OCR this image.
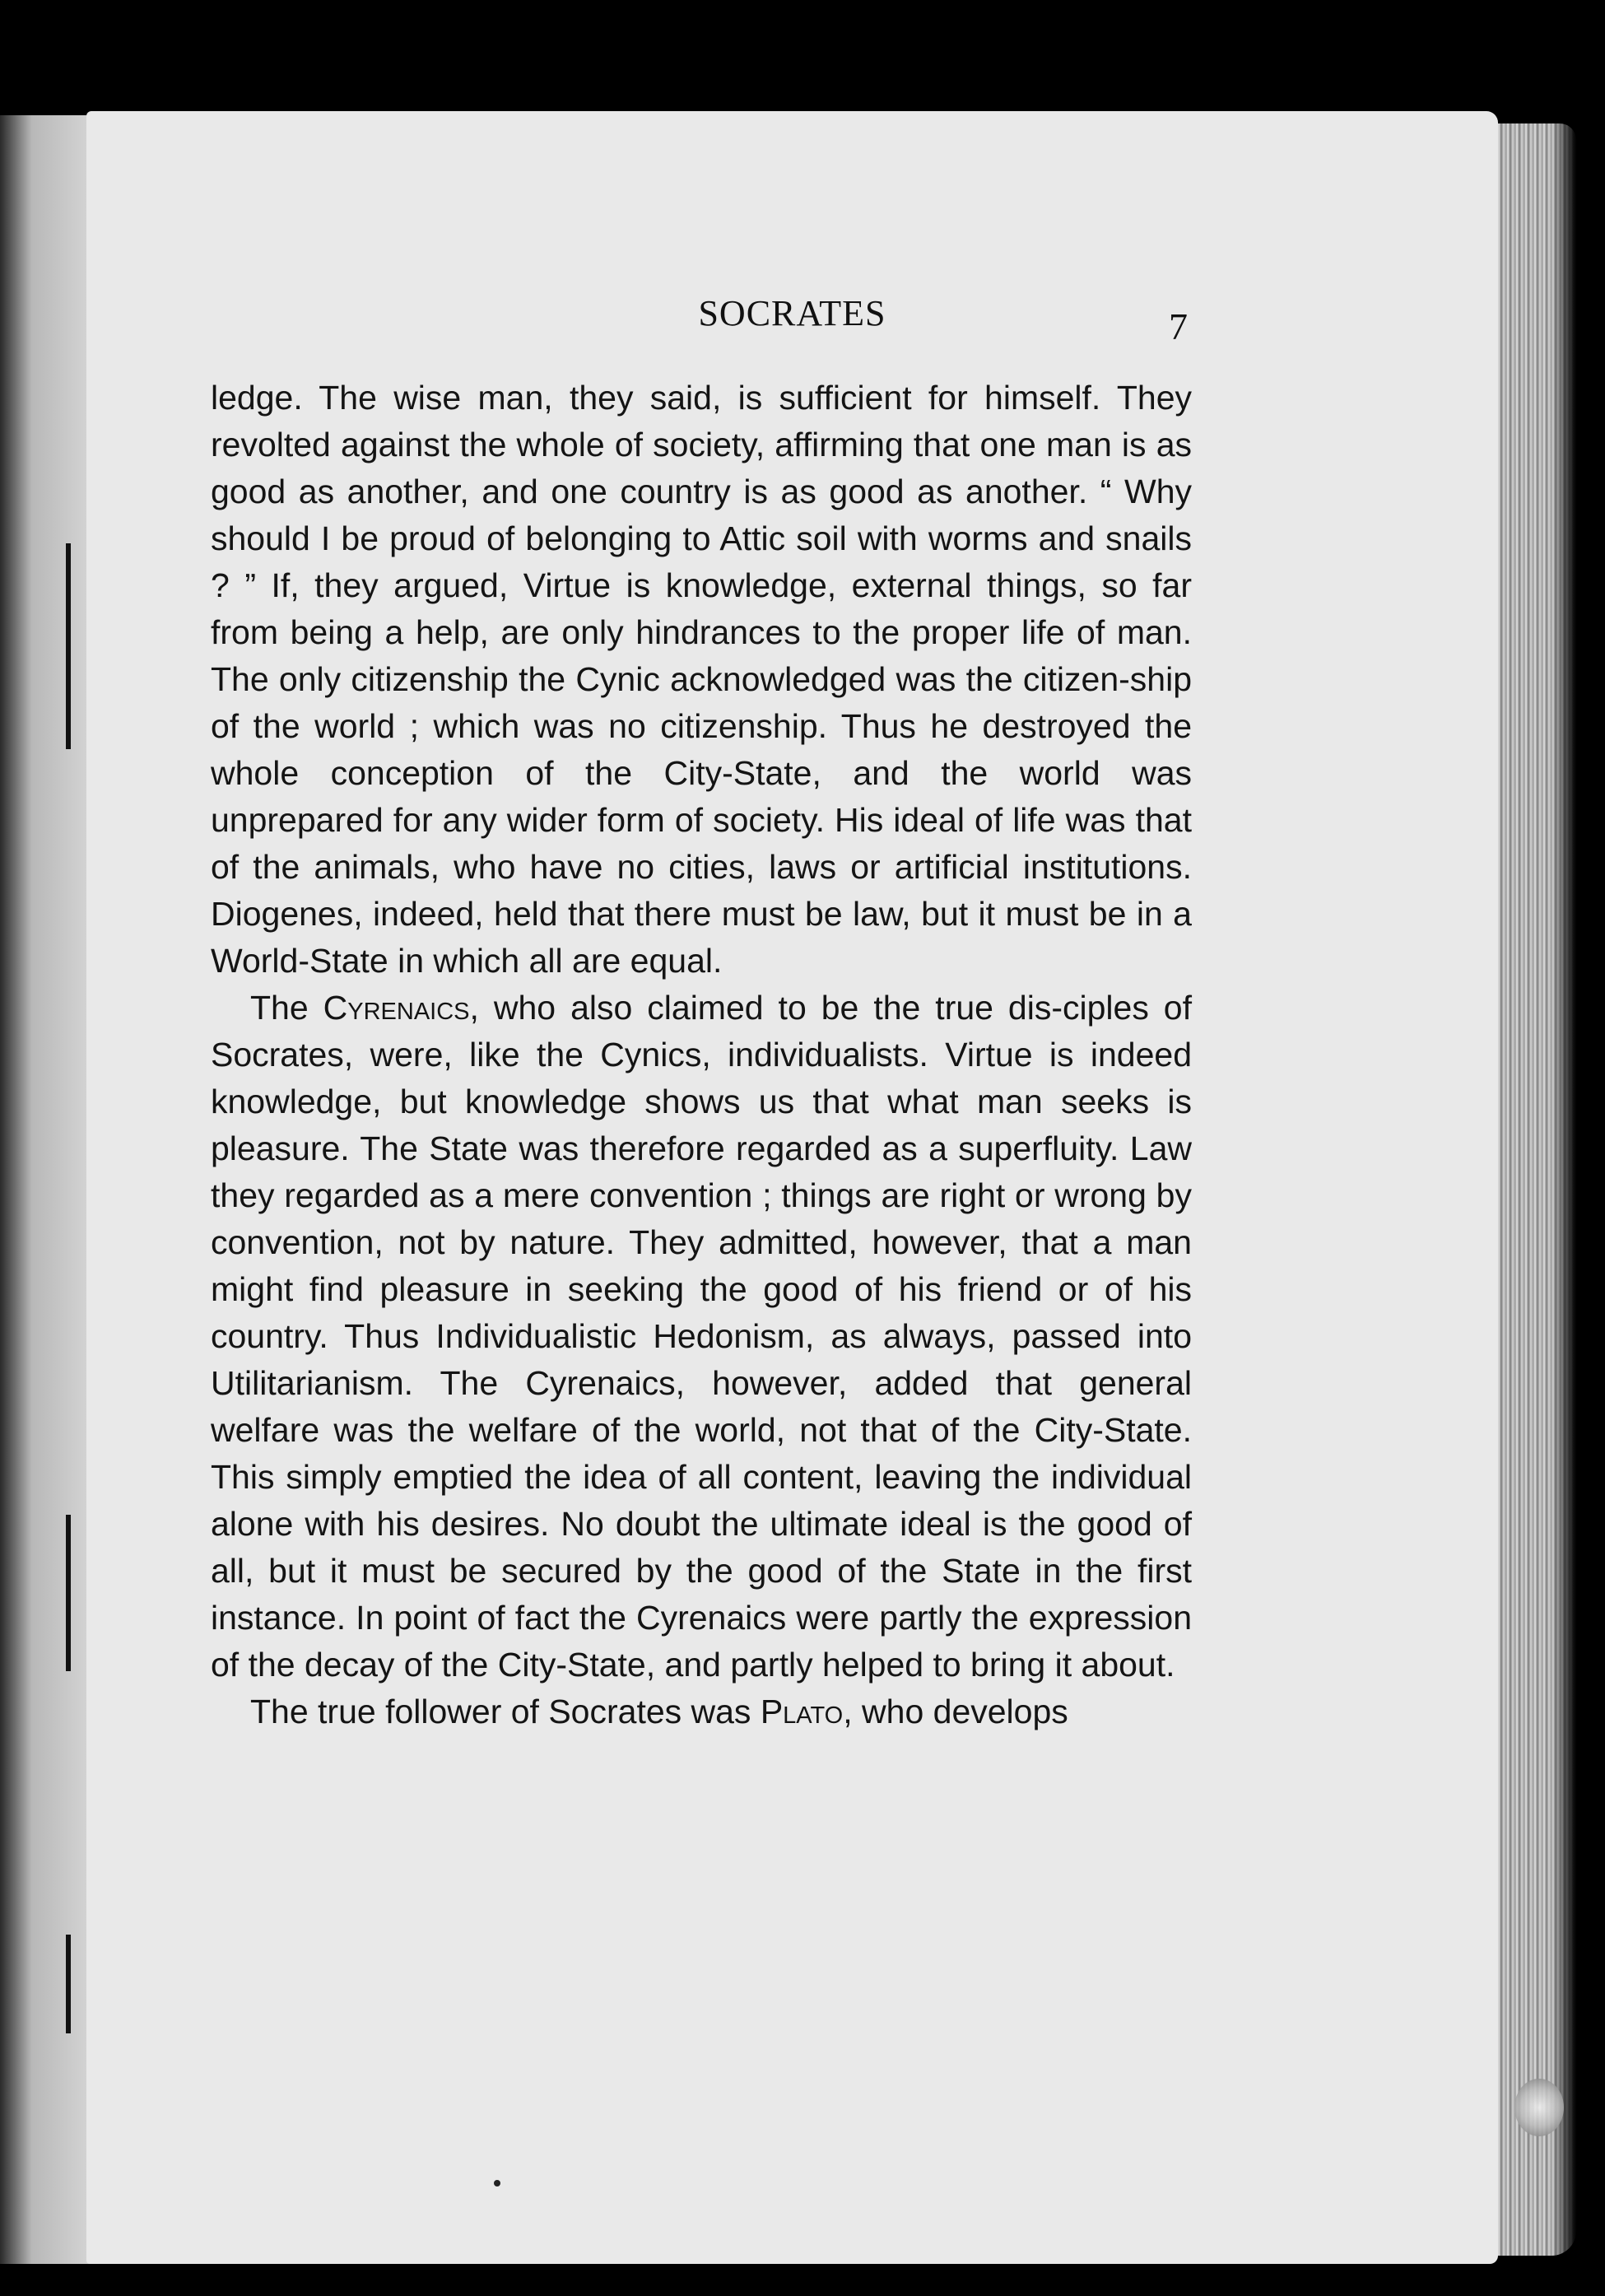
SOCRATES	7

ledge. The wise man, they said, is sufficient for himself. They revolted against the whole of society, affirming that one man is as good as another, and one country is as good as another. “ Why should I be proud of belonging to Attic soil with worms and snails ? ” If, they argued, Virtue is knowledge, external things, so far from being a help, are only hindrances to the proper life of man. The only citizenship the Cynic acknowledged was the citizen-ship of the world ; which was no citizenship. Thus he destroyed the whole conception of the City-State, and the world was unprepared for any wider form of society. His ideal of life was that of the animals, who have no cities, laws or artificial institutions. Diogenes, indeed, held that there must be law, but it must be in a World-State in which all are equal.

The Cyrenaics, who also claimed to be the true dis-ciples of Socrates, were, like the Cynics, individualists. Virtue is indeed knowledge, but knowledge shows us that what man seeks is pleasure. The State was therefore regarded as a superfluity. Law they regarded as a mere convention ; things are right or wrong by convention, not by nature. They admitted, however, that a man might find pleasure in seeking the good of his friend or of his country. Thus Individualistic Hedonism, as always, passed into Utilitarianism. The Cyrenaics, however, added that general welfare was the welfare of the world, not that of the City-State. This simply emptied the idea of all content, leaving the individual alone with his desires. No doubt the ultimate ideal is the good of all, but it must be secured by the good of the State in the first instance. In point of fact the Cyrenaics were partly the expression of the decay of the City-State, and partly helped to bring it about.

The true follower of Socrates was Plato, who develops
